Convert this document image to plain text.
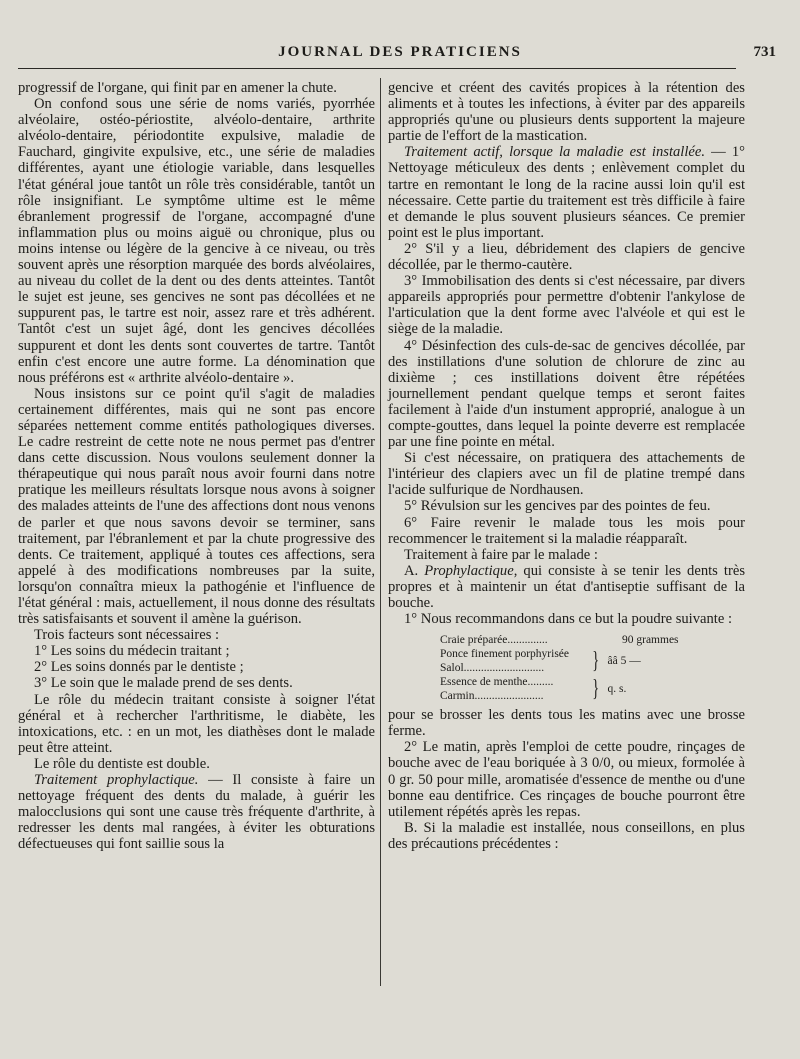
JOURNAL DES PRATICIENS	731

progressif de l'organe, qui finit par en amener la chute.

On confond sous une série de noms variés, pyorrhée alvéolaire, ostéo-périostite, alvéolo-dentaire, arthrite alvéolo-dentaire, périodontite expulsive, maladie de Fauchard, gingivite expulsive, etc., une série de maladies différentes, ayant une étiologie variable, dans lesquelles l'état général joue tantôt un rôle très considérable, tantôt un rôle insignifiant. Le symptôme ultime est le même ébranlement progressif de l'organe, accompagné d'une inflammation plus ou moins aiguë ou chronique, plus ou moins intense ou légère de la gencive à ce niveau, ou très souvent après une résorption marquée des bords alvéolaires, au niveau du collet de la dent ou des dents atteintes. Tantôt le sujet est jeune, ses gencives ne sont pas décollées et ne suppurent pas, le tartre est noir, assez rare et très adhérent. Tantôt c'est un sujet âgé, dont les gencives décollées suppurent et dont les dents sont couvertes de tartre. Tantôt enfin c'est encore une autre forme. La dénomination que nous préférons est « arthrite alvéolo-dentaire ».

Nous insistons sur ce point qu'il s'agit de maladies certainement différentes, mais qui ne sont pas encore séparées nettement comme entités pathologiques diverses. Le cadre restreint de cette note ne nous permet pas d'entrer dans cette discussion. Nous voulons seulement donner la thérapeutique qui nous paraît nous avoir fourni dans notre pratique les meilleurs résultats lorsque nous avons à soigner des malades atteints de l'une des affections dont nous venons de parler et que nous savons devoir se terminer, sans traitement, par l'ébranlement et par la chute progressive des dents. Ce traitement, appliqué à toutes ces affections, sera appelé à des modifications nombreuses par la suite, lorsqu'on connaîtra mieux la pathogénie et l'influence de l'état général : mais, actuellement, il nous donne des résultats très satisfaisants et souvent il amène la guérison.

Trois facteurs sont nécessaires :

1° Les soins du médecin traitant ;

2° Les soins donnés par le dentiste ;

3° Le soin que le malade prend de ses dents.

Le rôle du médecin traitant consiste à soigner l'état général et à rechercher l'arthritisme, le diabète, les intoxications, etc. : en un mot, les diathèses dont le malade peut être atteint.

Le rôle du dentiste est double.

Traitement prophylactique. — Il consiste à faire un nettoyage fréquent des dents du malade, à guérir les malocclusions qui sont une cause très fréquente d'arthrite, à redresser les dents mal rangées, à éviter les obturations défectueuses qui font saillie sous la

gencive et créent des cavités propices à la rétention des aliments et à toutes les infections, à éviter par des appareils appropriés qu'une ou plusieurs dents supportent la majeure partie de l'effort de la mastication.

Traitement actif, lorsque la maladie est installée. — 1° Nettoyage méticuleux des dents ; enlèvement complet du tartre en remontant le long de la racine aussi loin qu'il est nécessaire. Cette partie du traitement est très difficile à faire et demande le plus souvent plusieurs séances. Ce premier point est le plus important.

2° S'il y a lieu, débridement des clapiers de gencive décollée, par le thermo-cautère.

3° Immobilisation des dents si c'est nécessaire, par divers appareils appropriés pour permettre d'obtenir l'ankylose de l'articulation que la dent forme avec l'alvéole et qui est le siège de la maladie.

4° Désinfection des culs-de-sac de gencives décollée, par des instillations d'une solution de chlorure de zinc au dixième ; ces instillations doivent être répétées journellement pendant quelque temps et seront faites facilement à l'aide d'un instument approprié, analogue à un compte-gouttes, dans lequel la pointe deverre est remplacée par une fine pointe en métal.

Si c'est nécessaire, on pratiquera des attachements de l'intérieur des clapiers avec un fil de platine trempé dans l'acide sulfurique de Nordhausen.

5° Révulsion sur les gencives par des pointes de feu.

6° Faire revenir le malade tous les mois pour recommencer le traitement si la maladie réapparaît.

Traitement à faire par le malade :

A. Prophylactique, qui consiste à se tenir les dents très propres et à maintenir un état d'antiseptie suffisant de la bouche.

1° Nous recommandons dans ce but la poudre suivante :

Craie préparée..............	90 grammes
Ponce finement porphyrisée
Salol............................	} ââ 5 —
Essence de menthe.........
Carmin........................	} q. s.

pour se brosser les dents tous les matins avec une brosse ferme.

2° Le matin, après l'emploi de cette poudre, rinçages de bouche avec de l'eau boriquée à 3 0/0, ou mieux, formolée à 0 gr. 50 pour mille, aromatisée d'essence de menthe ou d'une bonne eau dentifrice. Ces rinçages de bouche pourront être utilement répétés après les repas.

B. Si la maladie est installée, nous conseillons, en plus des précautions précédentes :
